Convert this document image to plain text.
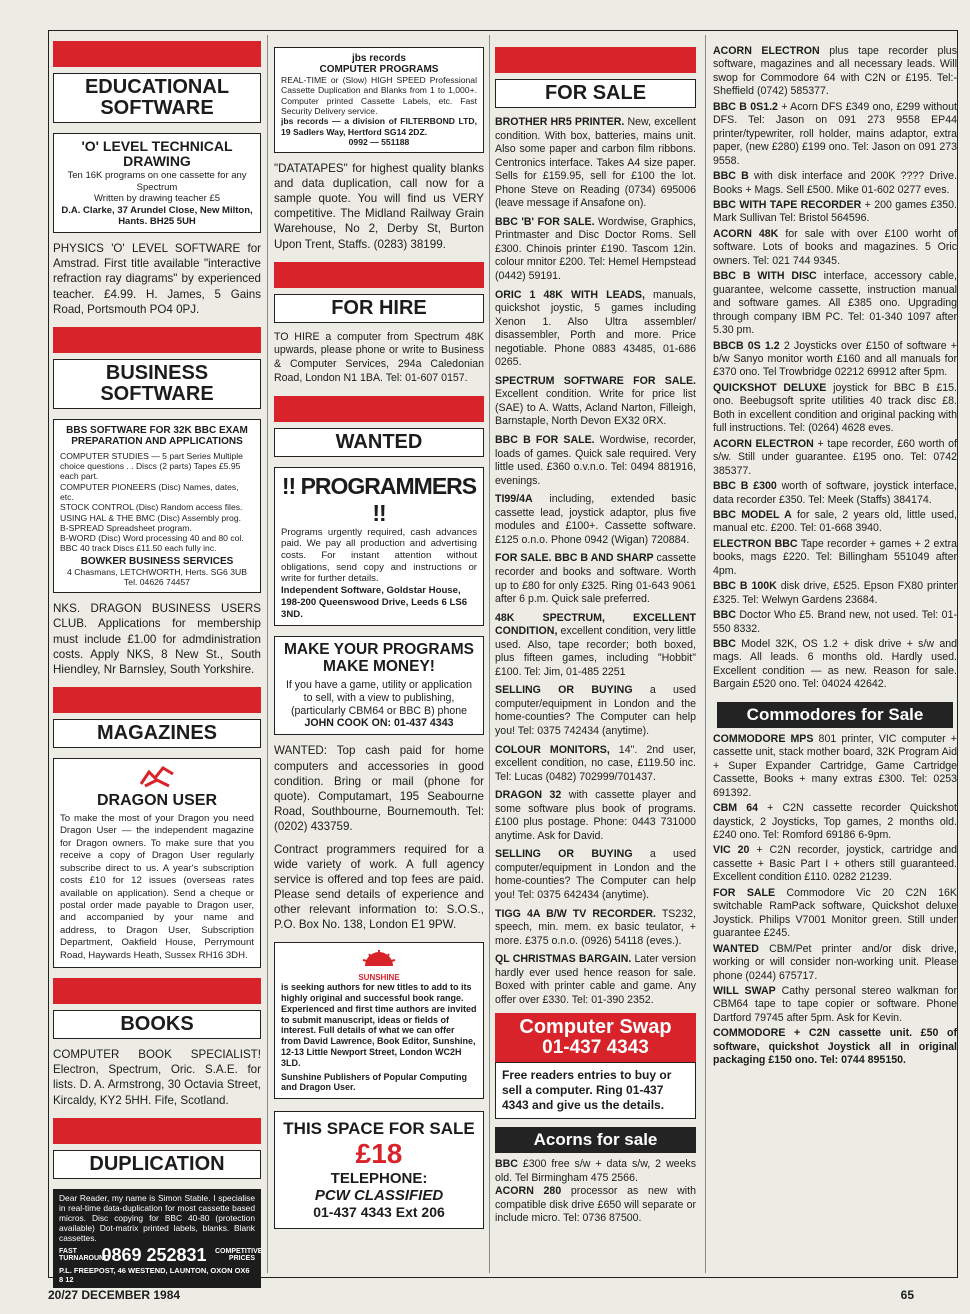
EDUCATIONAL SOFTWARE
'O' LEVEL TECHNICAL DRAWING
Ten 16K programs on one cassette for any Spectrum
Written by drawing teacher £5
D.A. Clarke, 37 Arundel Close, New Milton, Hants. BH25 5UH
PHYSICS 'O' LEVEL SOFTWARE for Amstrad. First title available "interactive refraction ray diagrams" by experienced teacher. £4.99. H. James, 5 Gains Road, Portsmouth PO4 0PJ.
BUSINESS SOFTWARE
BBS SOFTWARE FOR 32K BBC EXAM PREPARATION AND APPLICATIONS
COMPUTER STUDIES — 5 part Series Multiple choice questions . . Discs (2 parts) Tapes £5.95 each part.
COMPUTER PIONEERS (Disc) Names, dates, etc.
STOCK CONTROL (Disc) Random access files.
USING HAL & THE BMC (Disc) Assembly prog.
B-SPREAD Spreadsheet program.
B-WORD (Disc) Word processing 40 and 80 col.
BBC 40 track Discs £11.50 each fully inc.
BOWKER BUSINESS SERVICES
4 Chasmans, LETCHWORTH, Herts. SG6 3UB Tel. 04626 74457
NKS. DRAGON BUSINESS USERS CLUB. Applications for membership must include £1.00 for admdinistration costs. Apply NKS, 8 New St., South Hiendley, Nr Barnsley, South Yorkshire.
MAGAZINES
DRAGON USER
To make the most of your Dragon you need Dragon User — the independent magazine for Dragon owners. To make sure that you receive a copy of Dragon User regularly subscribe direct to us. A year's subscription costs £10 for 12 issues (overseas rates available on application). Send a cheque or postal order made payable to Dragon user, and accompanied by your name and address, to Dragon User, Subscription Department, Oakfield House, Perrymount Road, Haywards Heath, Sussex RH16 3DH.
BOOKS
COMPUTER BOOK SPECIALIST! Electron, Spectrum, Oric. S.A.E. for lists. D. A. Armstrong, 30 Octavia Street, Kircaldy, KY2 5HH. Fife, Scotland.
DUPLICATION
Dear Reader, my name is Simon Stable. I specialise in real-time data-duplication for most cassette based micros. Disc copying for BBC 40-80 (protection available) Dot-matrix printed labels, blanks. Blank cassettes.
FAST TURNAROUND
0869 252831 COMPETITIVE PRICES
P.L. FREEPOST, 46 WESTEND, LAUNTON, OXON OX6 8 12
jbs records
COMPUTER PROGRAMS
REAL-TIME or (Slow) HIGH SPEED Professional Cassette Duplication and Blanks from 1 to 1,000+. Computer printed Cassette Labels, etc. Fast Security Delivery service.
jbs records — a division of FILTERBOND LTD, 19 Sadlers Way, Hertford SG14 2DZ.
0992 — 551188
"DATATAPES" for highest quality blanks and data duplication, call now for a sample quote. You will find us VERY competitive. The Midland Railway Grain Warehouse, No 2, Derby St, Burton Upon Trent, Staffs. (0283) 38199.
FOR HIRE
TO HIRE a computer from Spectrum 48K upwards, please phone or write to Business & Computer Services, 294a Caledonian Road, London N1 1BA. Tel: 01-607 0157.
WANTED
!! PROGRAMMERS !!
Programs urgently required, cash advances paid. We pay all production and advertising costs. For instant attention without obligations, send copy and instructions or write for further details.
Independent Software, Goldstar House, 198-200 Queenswood Drive, Leeds 6 LS6 3ND.
MAKE YOUR PROGRAMS MAKE MONEY!
If you have a game, utility or application to sell, with a view to publishing, (particularly CBM64 or BBC B) phone
JOHN COOK ON: 01-437 4343
WANTED: Top cash paid for home computers and accessories in good condition. Bring or mail (phone for quote). Computamart, 195 Seabourne Road, Southbourne, Bournemouth. Tel: (0202) 433759.
Contract programmers required for a wide variety of work. A full agency service is offered and top fees are paid. Please send details of experience and other relevant information to: S.O.S., P.O. Box No. 138, London E1 9PW.
SUNSHINE
is seeking authors for new titles to add to its highly original and successful book range. Experienced and first time authors are invited to submit manuscript, ideas or fields of interest. Full details of what we can offer from David Lawrence, Book Editor, Sunshine, 12-13 Little Newport Street, London WC2H 3LD.
Sunshine Publishers of Popular Computing and Dragon User.
THIS SPACE FOR SALE
£18
TELEPHONE:
PCW CLASSIFIED
01-437 4343 Ext 206
FOR SALE

BROTHER HR5 PRINTER. New, excellent condition. With box, batteries, mains unit. Also some paper and carbon film ribbons. Centronics interface. Takes A4 size paper. Sells for £159.95, sell for £100 the lot. Phone Steve on Reading (0734) 695006 (leave message if Ansafone on).

BBC 'B' FOR SALE. Wordwise, Graphics, Printmaster and Disc Doctor Roms. Sell £300. Chinois printer £190. Tascom 12in. colour mnitor £200. Tel: Hemel Hempstead (0442) 59191.

ORIC 1 48K WITH LEADS, manuals, quickshot joystic, 5 games including Xenon 1. Also Ultra assembler/ disassembler, Porth and more. Price negotiable. Phone 0883 43485, 01-686 0265.

SPECTRUM SOFTWARE FOR SALE. Excellent condition. Write for price list (SAE) to A. Watts, Acland Narton, Filleigh, Barnstaple, North Devon EX32 0RX.

BBC B FOR SALE. Wordwise, recorder, loads of games. Quick sale required. Very little used. £360 o.v.n.o. Tel: 0494 881916, evenings.

TI99/4A including, extended basic cassette lead, joystick adaptor, plus five modules and £100+. Cassette software. £125 o.n.o. Phone 0942 (Wigan) 720884.

FOR SALE. BBC B AND SHARP cassette recorder and books and software. Worth up to £80 for only £325. Ring 01-643 9061 after 6 p.m. Quick sale preferred.

48K SPECTRUM, EXCELLENT CONDITION, excellent condition, very little used. Also, tape recorder; both boxed, plus fifteen games, including "Hobbit" £100. Tel: Jim, 01-485 2251

SELLING OR BUYING a used computer/equipment in London and the home-counties? The Computer can help you! Tel: 0375 742434 (anytime).

COLOUR MONITORS, 14". 2nd user, excellent condition, no case, £119.50 inc. Tel: Lucas (0482) 702999/701437.

DRAGON 32 with cassette player and some software plus book of programs. £100 plus postage. Phone: 0443 731000 anytime. Ask for David.

SELLING OR BUYING a used computer/equipment in London and the home-counties? The Computer can help you! Tel: 0375 642434 (anytime).

TIGG 4A B/W TV RECORDER. TS232, speech, min. mem. ex basic teulator, + more. £375 o.n.o. (0926) 54118 (eves.).

QL CHRISTMAS BARGAIN. Later version hardly ever used hence reason for sale. Boxed with printer cable and game. Any offer over £330. Tel: 01-390 2352.

Computer Swap
01-437 4343
Free readers entries to buy or sell a computer. Ring 01-437 4343 and give us the details.
Acorns for sale

BBC £300 free s/w + data s/w, 2 weeks old. Tel Birmingham 475 2566.

ACORN 280 processor as new with compatible disk drive £650 will separate or include micro. Tel: 0736 87500.

ACORN ELECTRON plus tape recorder plus software, magazines and all necessary leads. Will swop for Commodore 64 with C2N or £195. Tel:- Sheffield (0742) 585377.

BBC B 0S1.2 + Acorn DFS £349 ono, £299 without DFS. Tel: Jason on 091 273 9558 EP44 printer/typewriter, roll holder, mains adaptor, extra paper, (new £280) £199 ono. Tel: Jason on 091 273 9558.

BBC B with disk interface and 200K ???? Drive. Books + Mags. Sell £500. Mike 01-602 0277 eves.

BBC WITH TAPE RECORDER + 200 games £350. Mark Sullivan Tel: Bristol 564596.

ACORN 48K for sale with over £100 worht of software. Lots of books and magazines. 5 Oric owners. Tel: 021 744 9345.

BBC B WITH DISC interface, accessory cable, guarantee, welcome cassette, instruction manual and software games. All £385 ono. Upgrading through company IBM PC. Tel: 01-340 1097 after 5.30 pm.

BBCB 0S 1.2 2 Joysticks over £150 of software + b/w Sanyo monitor worth £160 and all manuals for £370 ono. Tel Trowbridge 02212 69912 after 5pm.

QUICKSHOT DELUXE joystick for BBC B £15. ono. Beebugsoft sprite utilities 40 track disc £8. Both in excellent condition and original packing with full instructions. Tel: (0264) 4628 eves.

ACORN ELECTRON + tape recorder, £60 worth of s/w. Still under guarantee. £195 ono. Tel: 0742 385377.

BBC B £300 worth of software, joystick interface, data recorder £350. Tel: Meek (Staffs) 384174.

BBC MODEL A for sale, 2 years old, little used, manual etc. £200. Tel: 01-668 3940.

ELECTRON BBC Tape recorder + games + 2 extra books, mags £220. Tel: Billingham 551049 after 4pm.

BBC B 100K disk drive, £525. Epson FX80 printer £325. Tel: Welwyn Gardens 23684.

BBC Doctor Who £5. Brand new, not used. Tel: 01-550 8332.

BBC Model 32K, OS 1.2 + disk drive + s/w and mags. All leads. 6 months old. Hardly used. Excellent condition — as new. Reason for sale. Bargain £520 ono. Tel: 04024 42642.

Commodores for Sale

COMMODORE MPS 801 printer, VIC computer + cassette unit, stack mother board, 32K Program Aid + Super Expander Cartridge, Game Cartridge Cassette, Books + many extras £300. Tel: 0253 691392.

CBM 64 + C2N cassette recorder Quickshot daystick, 2 Joysticks, Top games, 2 months old. £240 ono. Tel: Romford 69186 6-9pm.

VIC 20 + C2N recorder, joystick, cartridge and cassette + Basic Part I + others still guaranteed. Excellent condition £110. 0282 21239.

FOR SALE Commodore Vic 20 C2N 16K switchable RamPack software, Quickshot deluxe Joystick. Philips V7001 Monitor green. Still under guarantee £245.

WANTED CBM/Pet printer and/or disk drive, working or will consider non-working unit. Please phone (0244) 675717.

WILL SWAP Cathy personal stereo walkman for CBM64 tape to tape copier or software. Phone Dartford 79745 after 5pm. Ask for Kevin.

COMMODORE + C2N cassette unit. £50 of software, quickshot Joystick all in original packaging £150 ono. Tel: 0744 895150.

20/27 DECEMBER 1984	65
